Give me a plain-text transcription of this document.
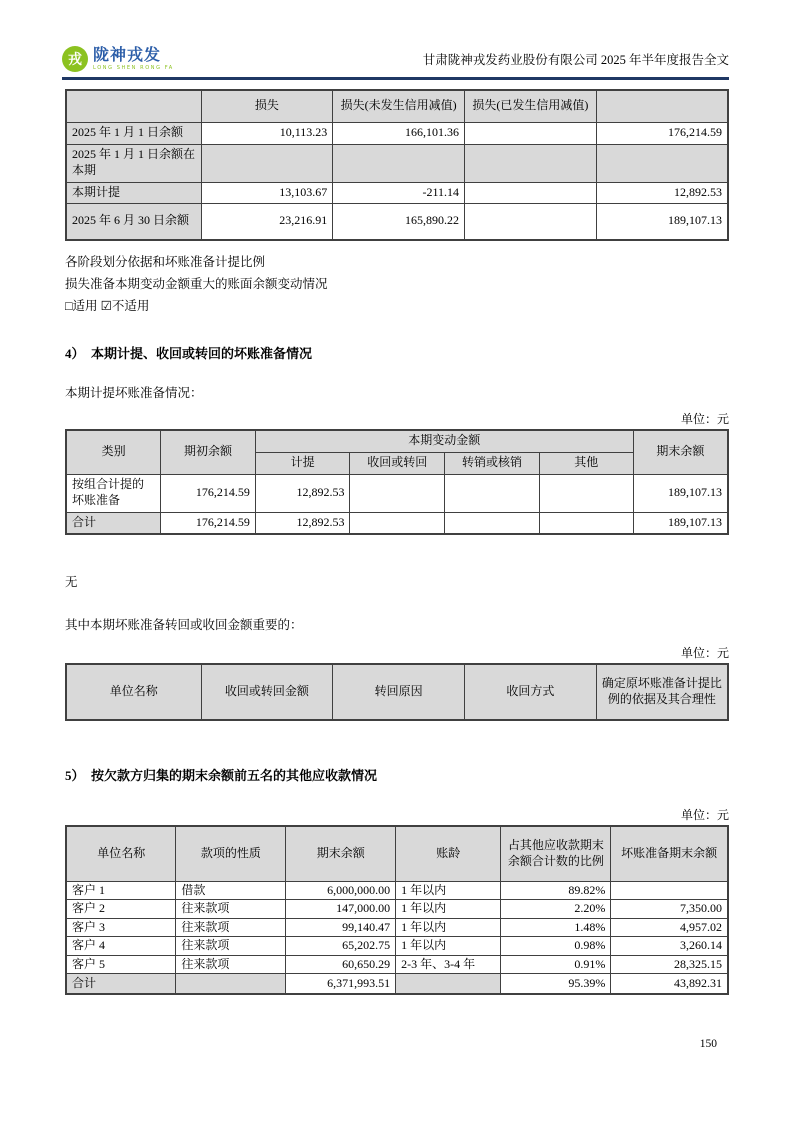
戎 陇神戎发
LONG SHEN RONG FA
甘肃陇神戎发药业股份有限公司 2025 年半年度报告全文
	损失	损失(未发生信用减值)	损失(已发生信用减值)	
2025 年 1 月 1 日余额	10,113.23	166,101.36		176,214.59
2025 年 1 月 1 日余额在本期				
本期计提	13,103.67	-211.14		12,892.53
2025 年 6 月 30 日余额	23,216.91	165,890.22		189,107.13
各阶段划分依据和坏账准备计提比例
损失准备本期变动金额重大的账面余额变动情况
□适用 ☑不适用
4）　本期计提、收回或转回的坏账准备情况
本期计提坏账准备情况：
单位：元
类别	期初余额	本期变动金额				期末余额
		计提	收回或转回	转销或核销	其他	
按组合计提的坏账准备	176,214.59	12,892.53				189,107.13
合计	176,214.59	12,892.53				189,107.13
无
其中本期坏账准备转回或收回金额重要的：
单位：元
单位名称	收回或转回金额	转回原因	收回方式	确定原坏账准备计提比例的依据及其合理性
5）　按欠款方归集的期末余额前五名的其他应收款情况
单位：元
单位名称	款项的性质	期末余额	账龄	占其他应收款期末余额合计数的比例	坏账准备期末余额
客户 1	借款	6,000,000.00	1 年以内	89.82%	
客户 2	往来款项	147,000.00	1 年以内	2.20%	7,350.00
客户 3	往来款项	99,140.47	1 年以内	1.48%	4,957.02
客户 4	往来款项	65,202.75	1 年以内	0.98%	3,260.14
客户 5	往来款项	60,650.29	2-3 年、3-4 年	0.91%	28,325.15
合计		6,371,993.51		95.39%	43,892.31
150
